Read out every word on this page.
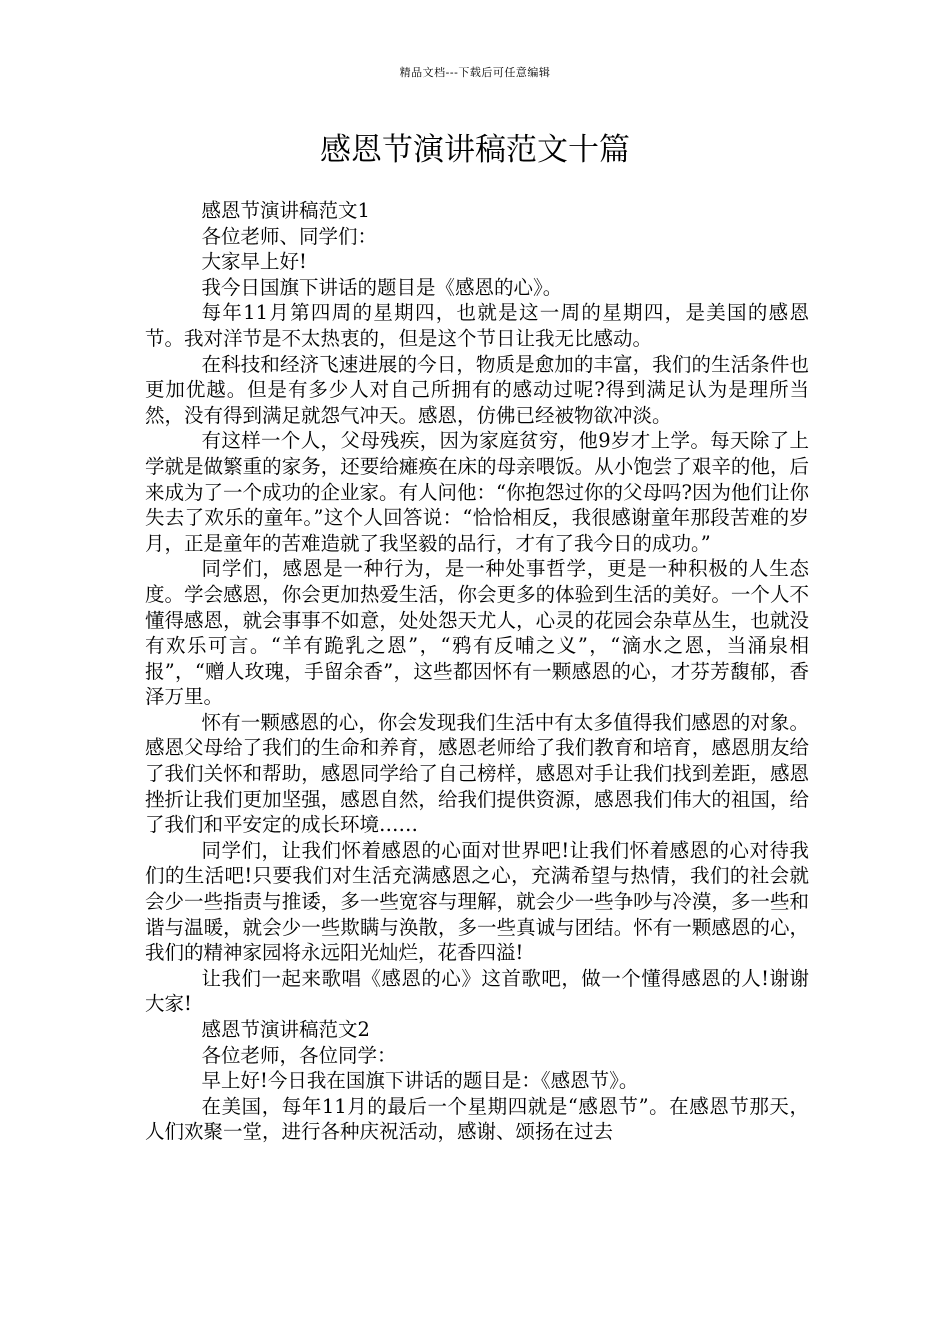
精品文档---下载后可任意编辑
感恩节演讲稿范文十篇

感恩节演讲稿范文1

各位老师、同学们：

大家早上好!

我今日国旗下讲话的题目是《感恩的心》。

每年11月第四周的星期四，也就是这一周的星期四，是美国的感恩节。我对洋节是不太热衷的，但是这个节日让我无比感动。

在科技和经济飞速进展的今日，物质是愈加的丰富，我们的生活条件也更加优越。但是有多少人对自己所拥有的感动过呢?得到满足认为是理所当然，没有得到满足就怨气冲天。感恩，仿佛已经被物欲冲淡。

有这样一个人，父母残疾，因为家庭贫穷，他9岁才上学。每天除了上学就是做繁重的家务，还要给瘫痪在床的母亲喂饭。从小饱尝了艰辛的他，后来成为了一个成功的企业家。有人问他：“你抱怨过你的父母吗?因为他们让你失去了欢乐的童年。”这个人回答说：“恰恰相反，我很感谢童年那段苦难的岁月，正是童年的苦难造就了我坚毅的品行，才有了我今日的成功。”

同学们，感恩是一种行为，是一种处事哲学，更是一种积极的人生态度。学会感恩，你会更加热爱生活，你会更多的体验到生活的美好。一个人不懂得感恩，就会事事不如意，处处怨天尤人，心灵的花园会杂草丛生，也就没有欢乐可言。“羊有跪乳之恩”，“鸦有反哺之义”，“滴水之恩，当涌泉相报”，“赠人玫瑰，手留余香”，这些都因怀有一颗感恩的心，才芬芳馥郁，香泽万里。

怀有一颗感恩的心，你会发现我们生活中有太多值得我们感恩的对象。感恩父母给了我们的生命和养育，感恩老师给了我们教育和培育，感恩朋友给了我们关怀和帮助，感恩同学给了自己榜样，感恩对手让我们找到差距，感恩挫折让我们更加坚强，感恩自然，给我们提供资源，感恩我们伟大的祖国，给了我们和平安定的成长环境……

同学们，让我们怀着感恩的心面对世界吧!让我们怀着感恩的心对待我们的生活吧!只要我们对生活充满感恩之心，充满希望与热情，我们的社会就会少一些指责与推诿，多一些宽容与理解，就会少一些争吵与冷漠，多一些和谐与温暖，就会少一些欺瞒与涣散，多一些真诚与团结。怀有一颗感恩的心，我们的精神家园将永远阳光灿烂，花香四溢!

让我们一起来歌唱《感恩的心》这首歌吧，做一个懂得感恩的人!谢谢大家!

感恩节演讲稿范文2

各位老师，各位同学：

早上好!今日我在国旗下讲话的题目是：《感恩节》。

在美国，每年11月的最后一个星期四就是“感恩节”。在感恩节那天，人们欢聚一堂，进行各种庆祝活动，感谢、颂扬在过去
